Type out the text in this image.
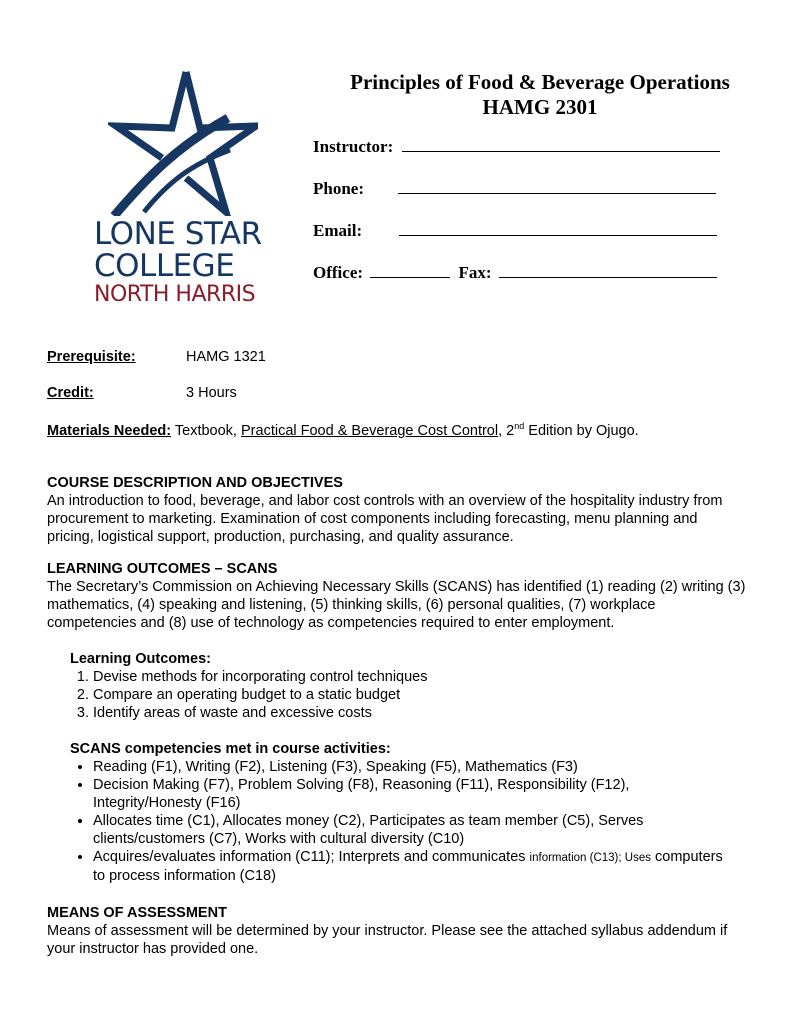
LONE STAR
COLLEGE
NORTH HARRIS
Principles of Food & Beverage Operations
HAMG 2301
Instructor:
Phone:
Email:
Office:	Fax:
Prerequisite:	HAMG 1321
Credit:	3 Hours
Materials Needed: Textbook, Practical Food & Beverage Cost Control, 2nd Edition by Ojugo.

COURSE DESCRIPTION AND OBJECTIVES

An introduction to food, beverage, and labor cost controls with an overview of the hospitality industry from procurement to marketing. Examination of cost components including forecasting, menu planning and pricing, logistical support, production, purchasing, and quality assurance.

LEARNING OUTCOMES – SCANS

The Secretary’s Commission on Achieving Necessary Skills (SCANS) has identified (1) reading (2) writing (3) mathematics, (4) speaking and listening, (5) thinking skills, (6) personal qualities, (7) workplace competencies and (8) use of technology as competencies required to enter employment.

Learning Outcomes:

1. Devise methods for incorporating control techniques
2. Compare an operating budget to a static budget
3. Identify areas of waste and excessive costs

SCANS competencies met in course activities:

• Reading (F1), Writing (F2), Listening (F3), Speaking (F5), Mathematics (F3)
• Decision Making (F7), Problem Solving (F8), Reasoning (F11), Responsibility (F12), Integrity/Honesty (F16)
• Allocates time (C1), Allocates money (C2), Participates as team member (C5), Serves clients/customers (C7), Works with cultural diversity (C10)
• Acquires/evaluates information (C11); Interprets and communicates information (C13); Uses computers to process information (C18)

MEANS OF ASSESSMENT

Means of assessment will be determined by your instructor. Please see the attached syllabus addendum if your instructor has provided one.
